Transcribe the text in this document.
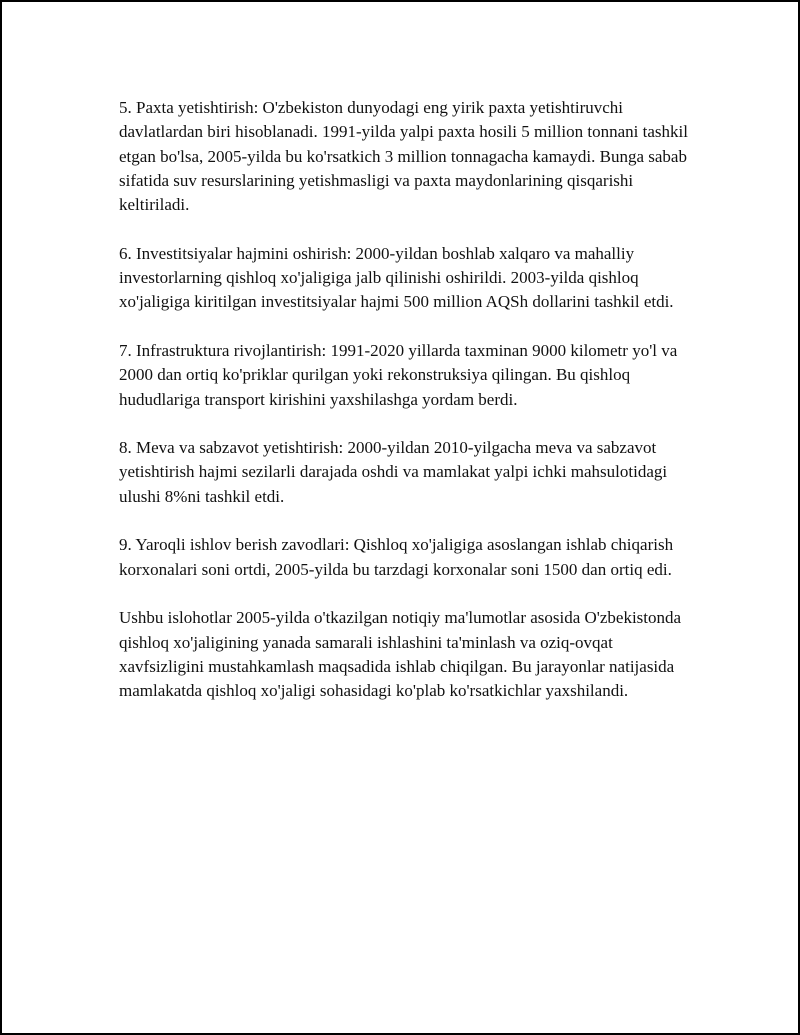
5. Paxta yetishtirish: O'zbekiston dunyodagi eng yirik paxta yetishtiruvchi davlatlardan biri hisoblanadi. 1991-yilda yalpi paxta hosili 5 million tonnani tashkil etgan bo'lsa, 2005-yilda bu ko'rsatkich 3 million tonnagacha kamaydi. Bunga sabab sifatida suv resurslarining yetishmasligi va paxta maydonlarining qisqarishi keltiriladi.

6. Investitsiyalar hajmini oshirish: 2000-yildan boshlab xalqaro va mahalliy investorlarning qishloq xo'jaligiga jalb qilinishi oshirildi. 2003-yilda qishloq xo'jaligiga kiritilgan investitsiyalar hajmi 500 million AQSh dollarini tashkil etdi.

7. Infrastruktura rivojlantirish: 1991-2020 yillarda taxminan 9000 kilometr yo'l va 2000 dan ortiq ko'priklar qurilgan yoki rekonstruksiya qilingan. Bu qishloq hududlariga transport kirishini yaxshilashga yordam berdi.

8. Meva va sabzavot yetishtirish: 2000-yildan 2010-yilgacha meva va sabzavot yetishtirish hajmi sezilarli darajada oshdi va mamlakat yalpi ichki mahsulotidagi ulushi 8%ni tashkil etdi.

9. Yaroqli ishlov berish zavodlari: Qishloq xo'jaligiga asoslangan ishlab chiqarish korxonalari soni ortdi, 2005-yilda bu tarzdagi korxonalar soni 1500 dan ortiq edi.

Ushbu islohotlar 2005-yilda o'tkazilgan notiqiy ma'lumotlar asosida O'zbekistonda qishloq xo'jaligining yanada samarali ishlashini ta'minlash va oziq-ovqat xavfsizligini mustahkamlash maqsadida ishlab chiqilgan. Bu jarayonlar natijasida mamlakatda qishloq xo'jaligi sohasidagi ko'plab ko'rsatkichlar yaxshilandi.
